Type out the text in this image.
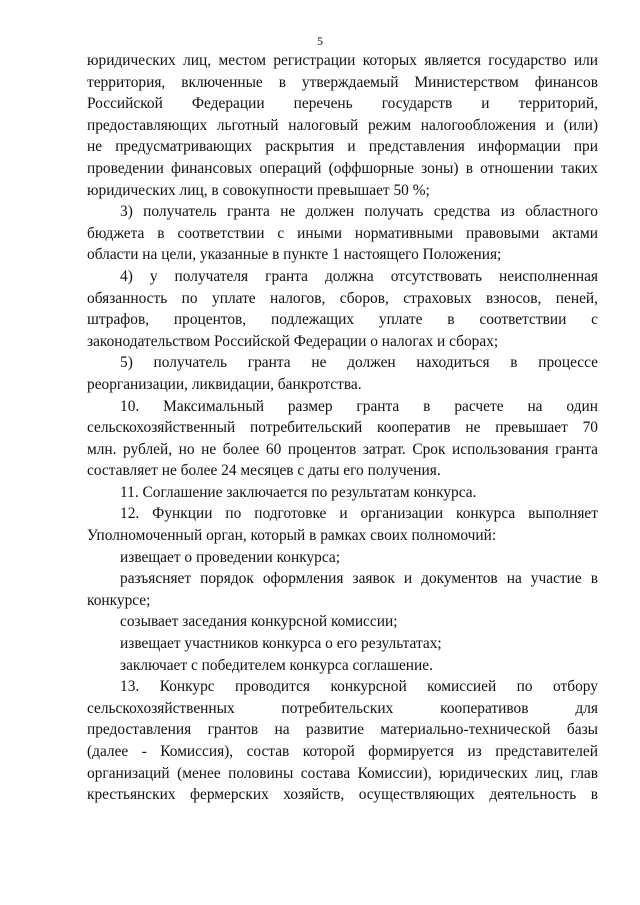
5
юридических лиц, местом регистрации которых является государство или
территория, включенные в утверждаемый Министерством финансов
Российской Федерации перечень государств и территорий,
предоставляющих льготный налоговый режим налогообложения и (или)
не предусматривающих раскрытия и представления информации при
проведении финансовых операций (оффшорные зоны) в отношении таких
юридических лиц, в совокупности превышает 50 %;
3) получатель гранта не должен получать средства из областного
бюджета в соответствии с иными нормативными правовыми актами
области на цели, указанные в пункте 1 настоящего Положения;
4) у получателя гранта должна отсутствовать неисполненная
обязанность по уплате налогов, сборов, страховых взносов, пеней,
штрафов, процентов, подлежащих уплате в соответствии с
законодательством Российской Федерации о налогах и сборах;
5) получатель гранта не должен находиться в процессе
реорганизации, ликвидации, банкротства.
10. Максимальный размер гранта в расчете на один
сельскохозяйственный потребительский кооператив не превышает 70
млн. рублей, но не более 60 процентов затрат. Срок использования гранта
составляет не более 24 месяцев с даты его получения.
11. Соглашение заключается по результатам конкурса.
12. Функции по подготовке и организации конкурса выполняет
Уполномоченный орган, который в рамках своих полномочий:
извещает о проведении конкурса;
разъясняет порядок оформления заявок и документов на участие в
конкурсе;
созывает заседания конкурсной комиссии;
извещает участников конкурса о его результатах;
заключает с победителем конкурса соглашение.
13. Конкурс проводится конкурсной комиссией по отбору
сельскохозяйственных потребительских кооперативов для
предоставления грантов на развитие материально-технической базы
(далее - Комиссия), состав которой формируется из представителей
организаций (менее половины состава Комиссии), юридических лиц, глав
крестьянских фермерских хозяйств, осуществляющих деятельность в
